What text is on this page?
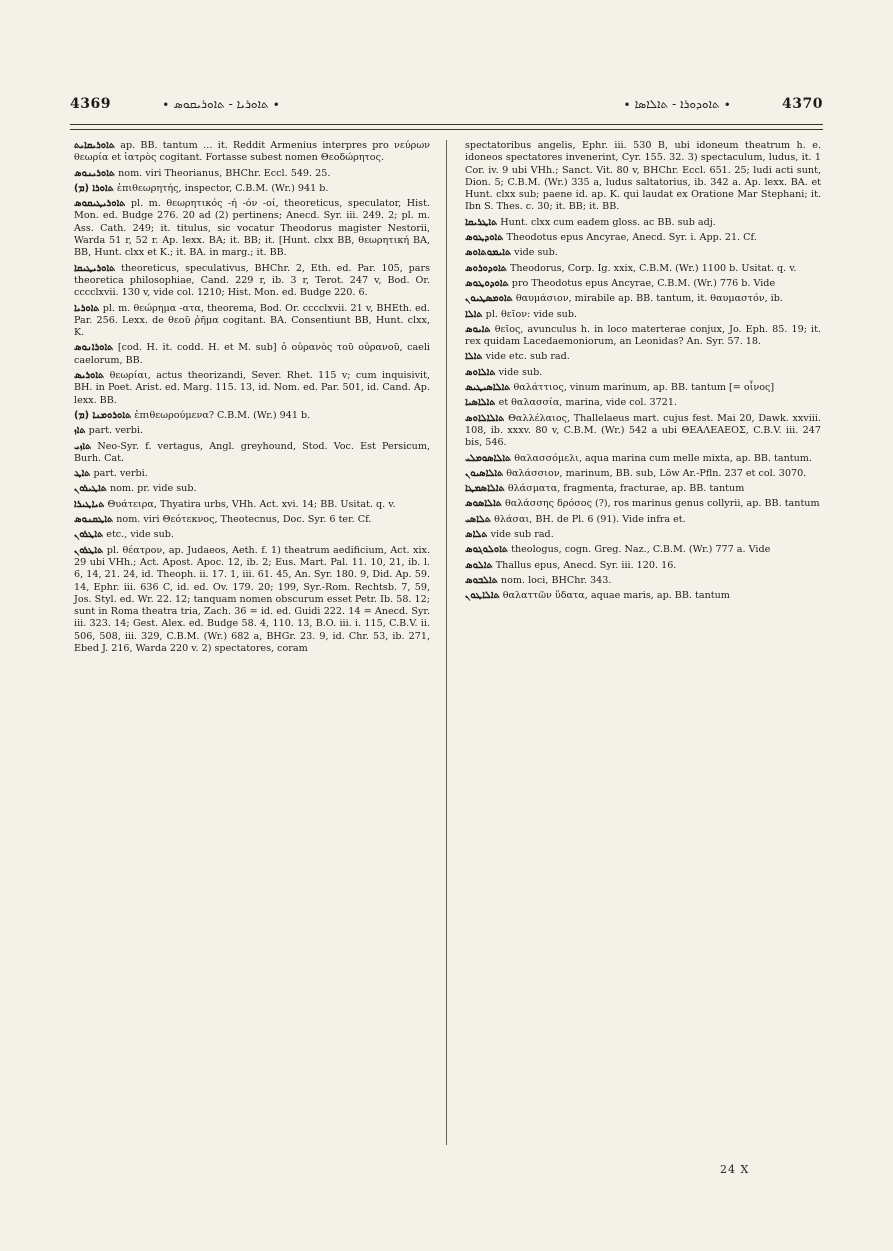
4369	∙ ܬܐܘܪܝܐ - ܬܐܘܪܝܩܘܣ ∙	∙ ܬܐܘܕܘܪܐ - ܬܐܠܐܣܐ ∙	4370

ܬܐܘܪܝܩܐܝܬ ap. BB. tantum … it. Reddit Armenius interpres pro νεύρων θεωρία et ἰατρὸς cogitant. Fortasse subest nomen Θεοδώρητος.

ܬܐܘܪܝܢܘܣ nom. viri Theorianus, BHChr. Eccl. 549. 25.

ܬܐܘܪܐ (ܡ) ἐπιθεωρητής, inspector, C.B.M. (Wr.) 941 b.

ܬܐܘܪܝܛܝܩܘܣ pl. m. θεωρητικός -ή -όν -οί, theoreticus, speculator, Hist. Mon. ed. Budge 276. 20 ad (2) pertinens; Anecd. Syr. iii. 249. 2; pl. m. Ass. Cath. 249; it. titulus, sic vocatur Theodorus magister Nestorii, Warda 51 r, 52 r. Ap. lexx. BA; it. BB; it. [Hunt. clxx BB, θεωρητική BA, BB, Hunt. clxx et K.; it. BA. in marg.; it. BB.

ܬܐܘܪܝܛܝܩܐ theoreticus, speculativus, BHChr. 2, Eth. ed. Par. 105, pars theoretica philosophiae, Cand. 229 r, ib. 3 r, Terot. 247 v, Bod. Or. cccclxvii. 130 v, vide col. 1210; Hist. Mon. ed. Budge 220. 6.

ܬܐܘܪܝܐ pl. m. θεώρημα -ατα, theorema, Bod. Or. cccclxvii. 21 v, BHEth. ed. Par. 256. Lexx. de θεοῦ ῥῆμα cogitant. BA. Consentiunt BB, Hunt. clxx, K.

ܬܐܘܪܐܢܘܣ [cod. H. it. codd. H. et M. sub] ὁ οὐρανὸς τοῦ οὐρανοῦ, caeli caelorum, BB.

ܬܐܘܪܝܣ θεωρίαι, actus theorizandi, Sever. Rhet. 115 v; cum inquisivit, BH. in Poet. Arist. ed. Marg. 115. 13, id. Nom. ed. Par. 501, id. Cand. Ap. lexx. BB.

ܬܐܘܪܘܡܢܐ (ܡ) ἐπιθεωρούμενα? C.B.M. (Wr.) 941 b.

ܬܐܙ part. verbi.

ܬܐܙܝ Neo-Syr. f. vertagus, Angl. greyhound, Stod. Voc. Est Persicum, Burh. Cat.

ܬܐܛ part. verbi.

ܬܐܛܝܪܘܢ nom. pr. vide sub.

ܬܝܐܛܝܪܐ Θυάτειρα, Thyatira urbs, VHh. Act. xvi. 14; BB. Usitat. q. v.

ܬܐܛܩܢܘܣ nom. viri Θεότεκνος, Theotecnus, Doc. Syr. 6 ter. Cf.

ܬܐܛܪܘܢ etc., vide sub.

ܬܐܛܪܘܢ pl. θέατρον, ap. Judaeos, Aeth. f. 1) theatrum aedificium, Act. xix. 29 ubi VHh.; Act. Apost. Apoc. 12, ib. 2; Eus. Mart. Pal. 11. 10, 21, ib. l. 6, 14, 21. 24, id. Theoph. ii. 17. 1, iii. 61. 45, An. Syr. 180. 9, Did. Ap. 59. 14, Ephr. iii. 636 C, id. ed. Ov. 179. 20; 199, Syr.-Rom. Rechtsb. 7, 59, Jos. Styl. ed. Wr. 22. 12; tanquam nomen obscurum esset Petr. Ib. 58. 12; sunt in Roma theatra tria, Zach. 36 = id. ed. Guidi 222. 14 = Anecd. Syr. iii. 323. 14; Gest. Alex. ed. Budge 58. 4, 110. 13, B.O. iii. i. 115, C.B.V. ii. 506, 508, iii. 329, C.B.M. (Wr.) 682 a, BHGr. 23. 9, id. Chr. 53, ib. 271, Ebed J. 216, Warda 220 v. 2) spectatores, coram

spectatoribus angelis, Ephr. iii. 530 B, ubi idoneum theatrum h. e. idoneos spectatores invenerint, Cyr. 155. 32. 3) spectaculum, ludus, it. 1 Cor. iv. 9 ubi VHh.; Sanct. Vit. 80 v, BHChr. Eccl. 651. 25; ludi acti sunt, Dion. 5; C.B.M. (Wr.) 335 a, ludus saltatorius, ib. 342 a. Ap. lexx. BA. et Hunt. clxx sub; paene id. ap. K. qui laudat ex Oratione Mar Stephani; it. Ibn S. Thes. c. 30; it. BB; it. BB.

ܬܐܛܪܝܩܐ Hunt. clxx cum eadem gloss. ac BB. sub adj.

ܬܐܘܕܛܘܣ Theodotus epus Ancyrae, Anecd. Syr. i. App. 21. Cf.

ܬܐܝܡܘܬܐܘܣ vide sub.

ܬܐܘܕܘܪܘܣ Theodorus, Corp. Ig. xxix, C.B.M. (Wr.) 1100 b. Usitat. q. v.

ܬܐܘܕܘܛܘܣ pro Theodotus epus Ancyrae, C.B.M. (Wr.) 776 b. Vide

ܬܐܘܡܣܛܝܘܢ θαυμάσιον, mirabile ap. BB. tantum, it. θαυμαστόν, ib.

ܬܐܠܐ pl. θεῖον: vide sub.

ܬܐܝܘܣ θεῖος, avunculus h. in loco materterae conjux, Jo. Eph. 85. 19; it. rex quidam Lacedaemoniorum, an Leonidas? An. Syr. 57. 18.

ܬܐܠܐ vide etc. sub rad.

ܬܐܠܐܘܣ vide sub.

ܬܐܠܐܣܝܛܝܣ θαλάττιος, vinum marinum, ap. BB. tantum [= οἶνος]

ܬܐܠܐܣܝܐ et θαλασσία, marina, vide col. 3721.

ܬܐܠܐܠܐܘܣ Θαλλέλαιος, Thallelaeus mart. cujus fest. Mai 20, Dawk. xxviii. 108, ib. xxxv. 80 v, C.B.M. (Wr.) 542 a ubi ΘΕΑΛΕΑΕΟΣ, C.B.V. iii. 247 bis, 546.

ܬܐܠܐܣܘܡܠܝ θαλασσόμελι, aqua marina cum melle mixta, ap. BB. tantum.

ܬܐܠܐܣܝܘܢ θαλάσσιον, marinum, BB. sub, Löw Ar.-Pfln. 237 et col. 3070.

ܬܐܠܐܣܡܛܐ θλάσματα, fragmenta, fracturae, ap. BB. tantum

ܬܐܠܐܣܘܣ θαλάσσης δρόσος (?), ros marinus genus collyrii, ap. BB. tantum

ܬܠܐܣܝ θλάσαι, BH. de Pl. 6 (91). Vide infra et.

ܬܠܐܣ vide sub rad.

ܬܐܘܠܘܓܘܣ theologus, cogn. Greg. Naz., C.B.M. (Wr.) 777 a. Vide

ܬܐܠܘܣ Thallus epus, Anecd. Syr. iii. 120. 16.

ܬܐܠܒܘܣ nom. loci, BHChr. 343.

ܬܐܠܐܛܘܢ θαλαττῶν ὕδατα, aquae maris, ap. BB. tantum

24 X
